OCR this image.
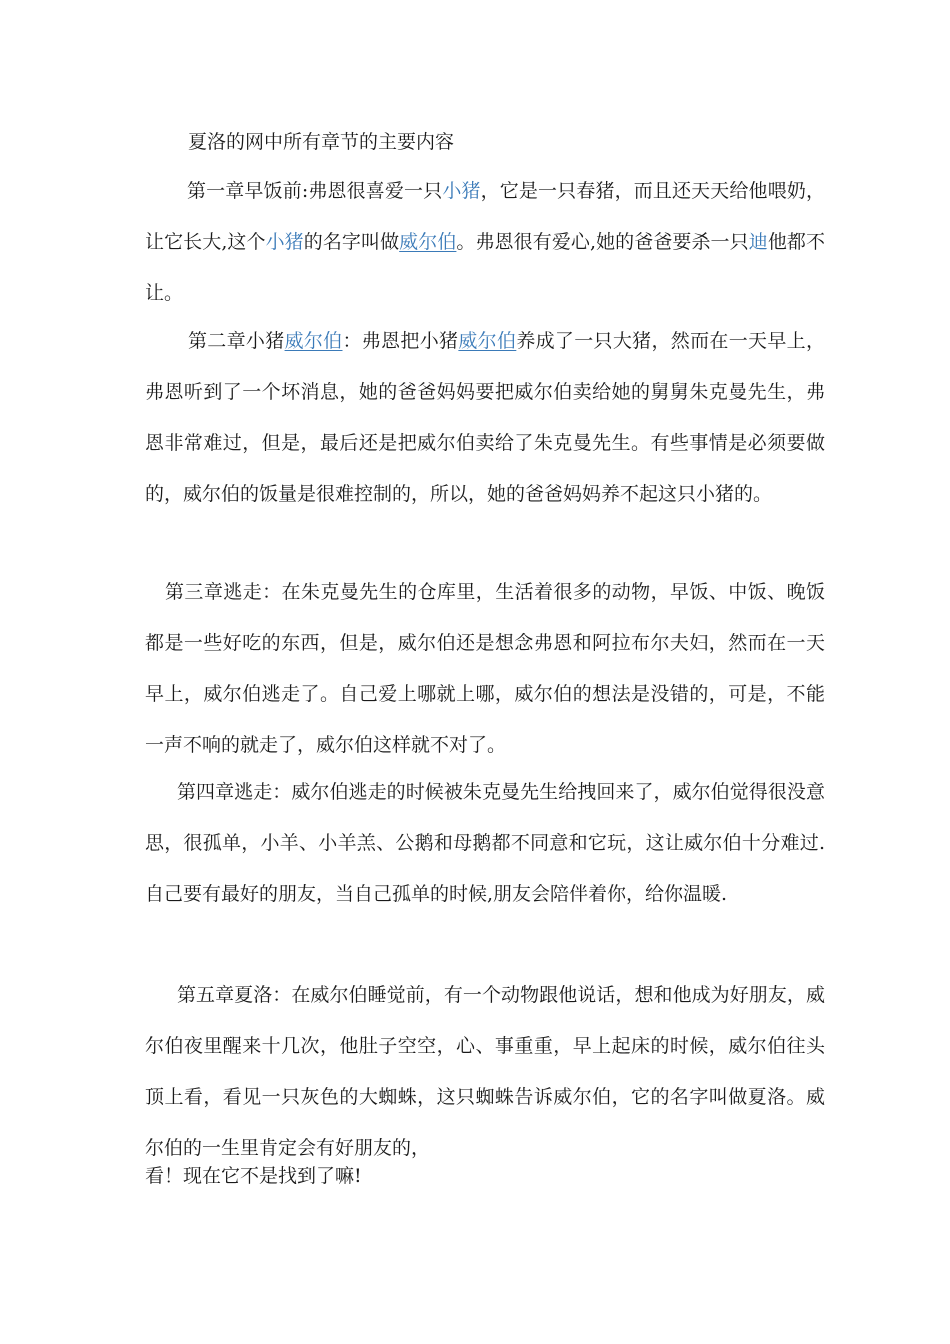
夏洛的网中所有章节的主要内容

第一章早饭前:弗恩很喜爱一只小猪，它是一只春猪，而且还天天给他喂奶，让它长大,这个小猪的名字叫做威尔伯。弗恩很有爱心,她的爸爸要杀一只迪他都不让。

第二章小猪威尔伯：弗恩把小猪威尔伯养成了一只大猪，然而在一天早上，弗恩听到了一个坏消息，她的爸爸妈妈要把威尔伯卖给她的舅舅朱克曼先生，弗恩非常难过，但是，最后还是把威尔伯卖给了朱克曼先生。有些事情是必须要做的，威尔伯的饭量是很难控制的，所以，她的爸爸妈妈养不起这只小猪的。

第三章逃走：在朱克曼先生的仓库里，生活着很多的动物，早饭、中饭、晚饭都是一些好吃的东西，但是，威尔伯还是想念弗恩和阿拉布尔夫妇，然而在一天早上，威尔伯逃走了。自己爱上哪就上哪，威尔伯的想法是没错的，可是，不能一声不响的就走了，威尔伯这样就不对了。

第四章逃走：威尔伯逃走的时候被朱克曼先生给拽回来了，威尔伯觉得很没意思，很孤单，小羊、小羊羔、公鹅和母鹅都不同意和它玩，这让威尔伯十分难过.自己要有最好的朋友，当自己孤单的时候,朋友会陪伴着你，给你温暖.

第五章夏洛：在威尔伯睡觉前，有一个动物跟他说话，想和他成为好朋友，威尔伯夜里醒来十几次，他肚子空空，心、事重重，早上起床的时候，威尔伯往头顶上看，看见一只灰色的大蜘蛛，这只蜘蛛告诉威尔伯，它的名字叫做夏洛。威尔伯的一生里肯定会有好朋友的，

看！现在它不是找到了嘛!
